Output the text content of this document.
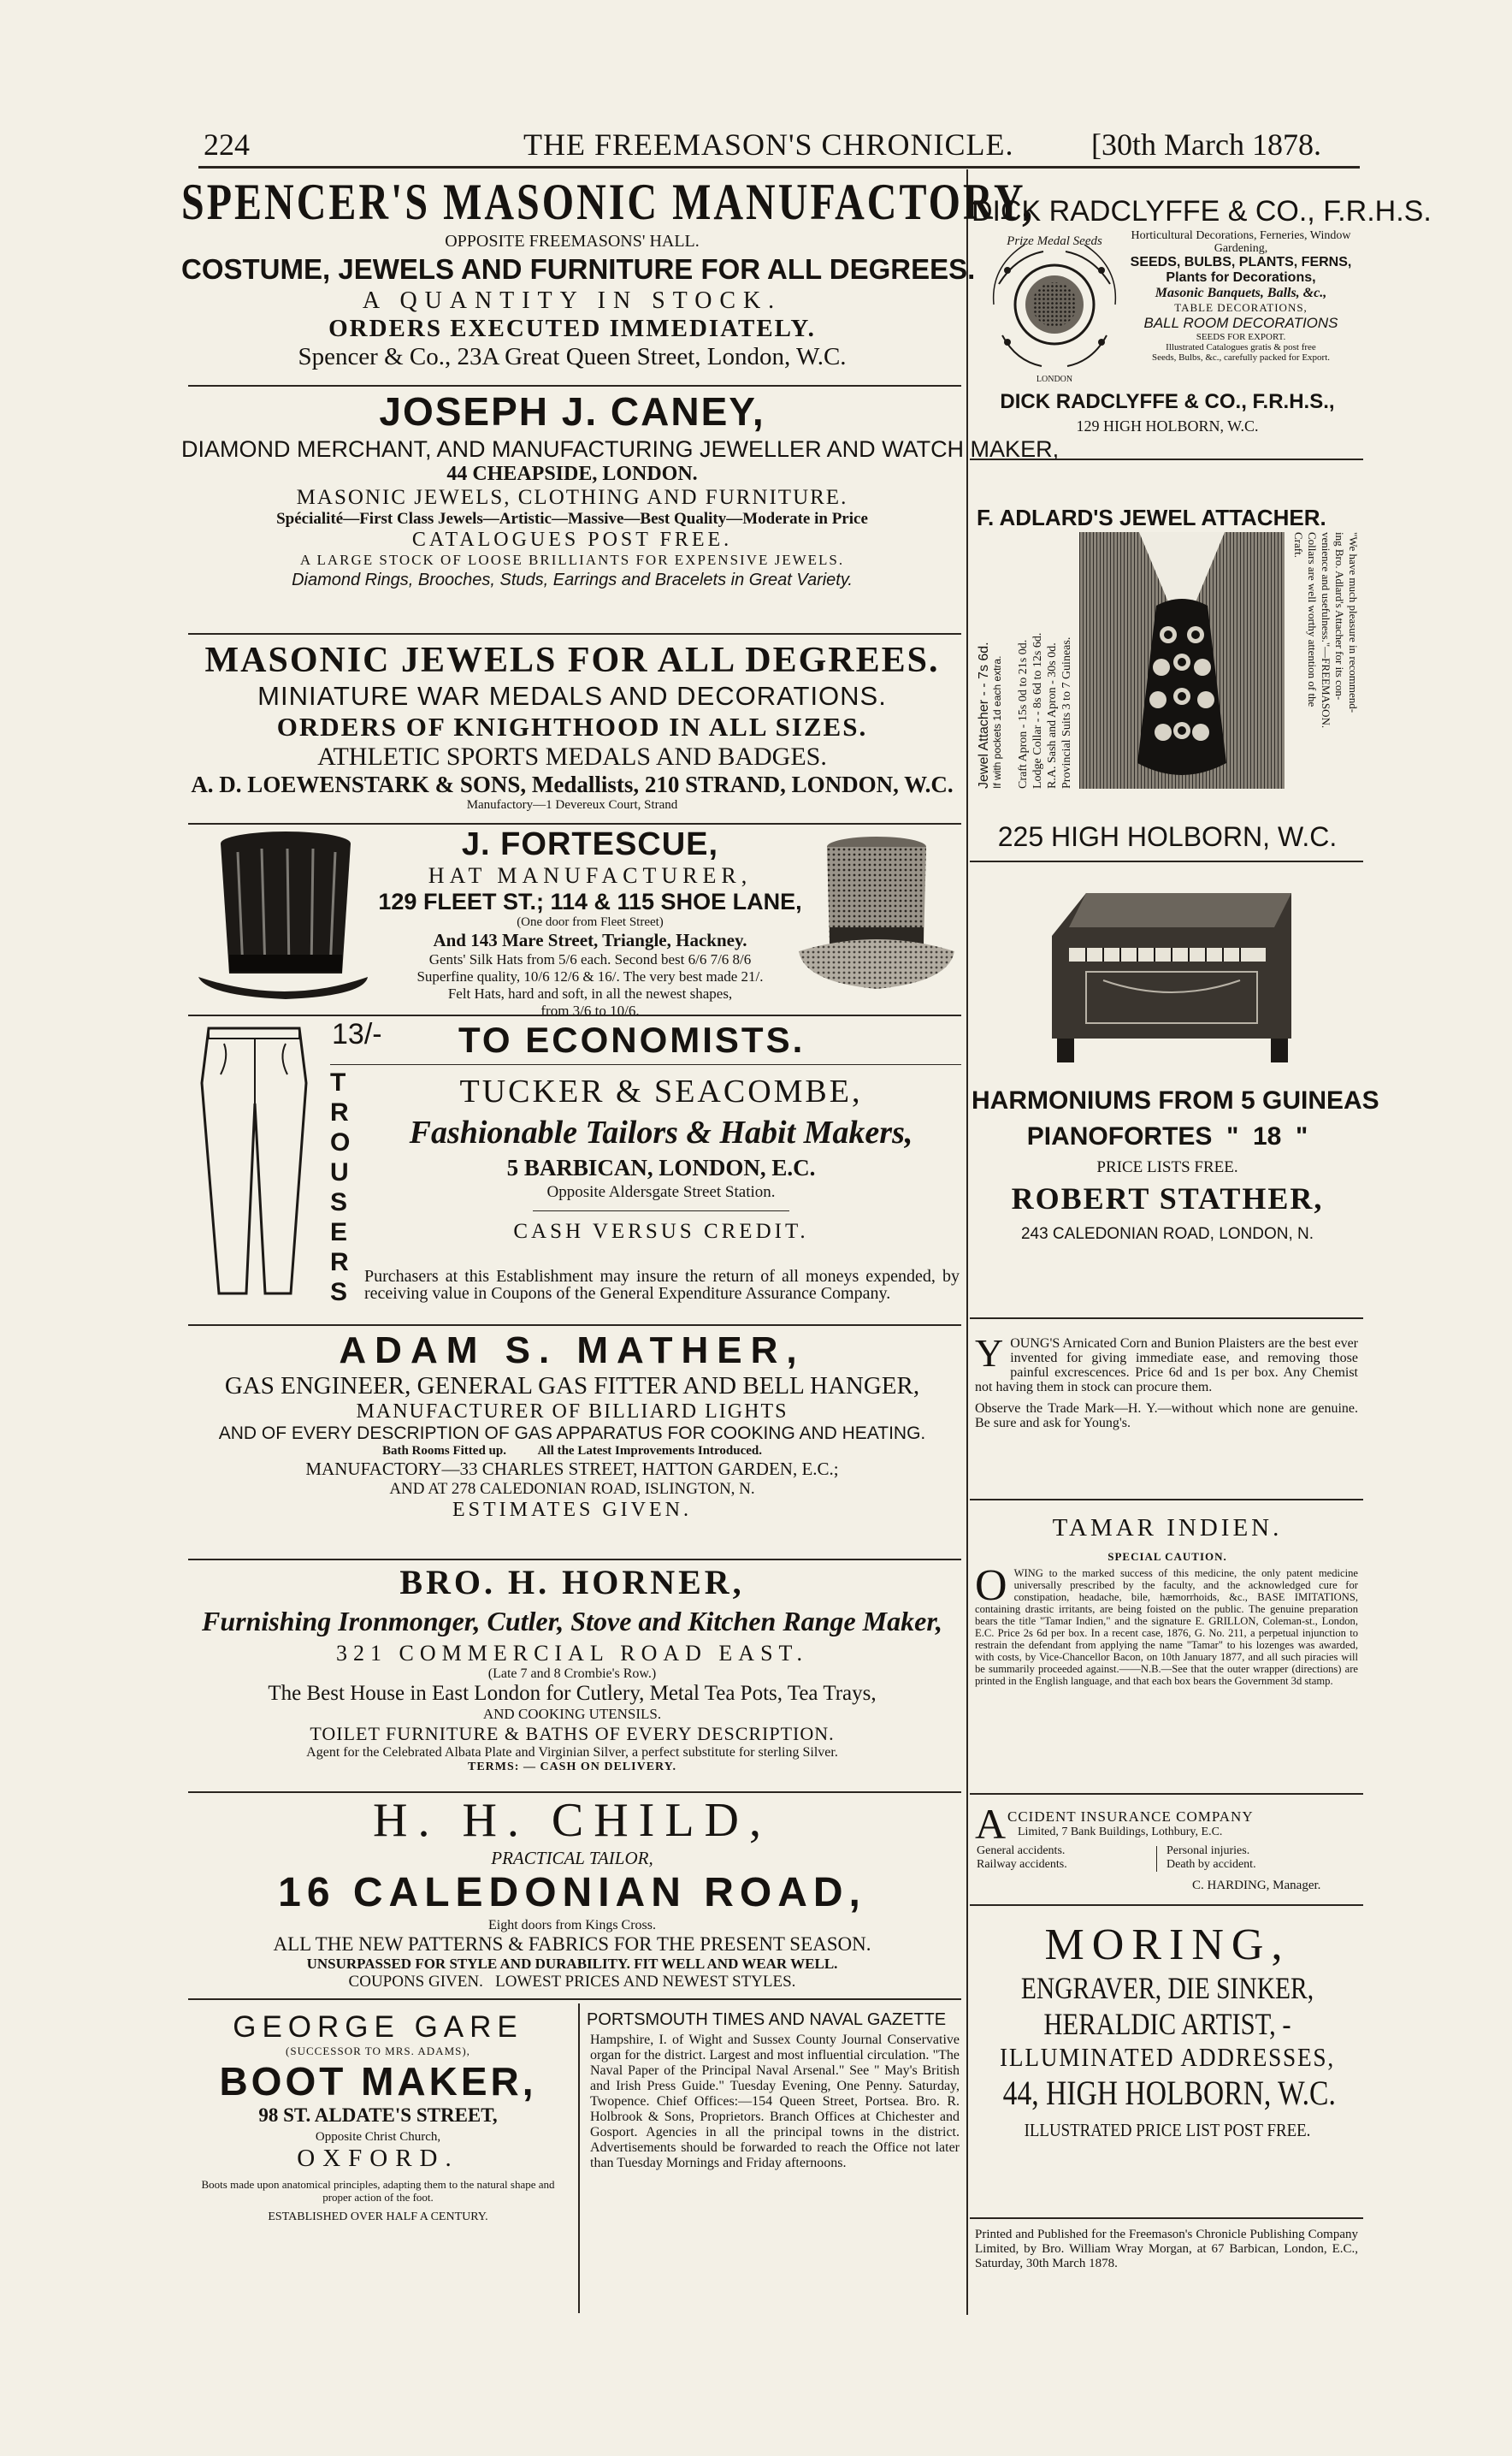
224	THE FREEMASON'S CHRONICLE.	[30th March 1878.
SPENCER'S MASONIC MANUFACTORY,
OPPOSITE FREEMASONS' HALL.
COSTUME, JEWELS AND FURNITURE FOR ALL DEGREES.
A QUANTITY IN STOCK.
ORDERS EXECUTED IMMEDIATELY.
Spencer & Co., 23A Great Queen Street, London, W.C.
JOSEPH J. CANEY,
DIAMOND MERCHANT, AND MANUFACTURING JEWELLER AND WATCH MAKER,
44 CHEAPSIDE, LONDON.
MASONIC JEWELS, CLOTHING AND FURNITURE.
Spécialité—First Class Jewels—Artistic—Massive—Best Quality—Moderate in Price
CATALOGUES POST FREE.
A LARGE STOCK OF LOOSE BRILLIANTS FOR EXPENSIVE JEWELS.
Diamond Rings, Brooches, Studs, Earrings and Bracelets in Great Variety.
MASONIC JEWELS FOR ALL DEGREES.
MINIATURE WAR MEDALS AND DECORATIONS.
ORDERS OF KNIGHTHOOD IN ALL SIZES.
ATHLETIC SPORTS MEDALS AND BADGES.
A. D. LOEWENSTARK & SONS, Medallists, 210 STRAND, LONDON, W.C.
Manufactory—1 Devereux Court, Strand
J. FORTESCUE,
HAT MANUFACTURER,
129 FLEET ST.; 114 & 115 SHOE LANE,
(One door from Fleet Street)
And 143 Mare Street, Triangle, Hackney.
Gents' Silk Hats from 5/6 each. Second best 6/6 7/6 8/6
Superfine quality, 10/6 12/6 & 16/. The very best made 21/.
Felt Hats, hard and soft, in all the newest shapes,
from 3/6 to 10/6.
13/- TO ECONOMISTS.
T
R
O
U
S
E
R
S
TUCKER & SEACOMBE,
Fashionable Tailors & Habit Makers,
5 BARBICAN, LONDON, E.C.
Opposite Aldersgate Street Station.
CASH VERSUS CREDIT.
Purchasers at this Establishment may insure the return of all moneys expended, by receiving value in Coupons of the General Expenditure Assurance Company.
ADAM S. MATHER,
GAS ENGINEER, GENERAL GAS FITTER AND BELL HANGER,
MANUFACTURER OF BILLIARD LIGHTS
AND OF EVERY DESCRIPTION OF GAS APPARATUS FOR COOKING AND HEATING.
Bath Rooms Fitted up.          All the Latest Improvements Introduced.
MANUFACTORY—33 CHARLES STREET, HATTON GARDEN, E.C.;
AND AT 278 CALEDONIAN ROAD, ISLINGTON, N.
ESTIMATES GIVEN.
BRO. H. HORNER,
Furnishing Ironmonger, Cutler, Stove and Kitchen Range Maker,
321 COMMERCIAL ROAD EAST.
(Late 7 and 8 Crombie's Row.)
The Best House in East London for Cutlery, Metal Tea Pots, Tea Trays,
AND COOKING UTENSILS.
TOILET FURNITURE & BATHS OF EVERY DESCRIPTION.
Agent for the Celebrated Albata Plate and Virginian Silver, a perfect substitute for sterling Silver.
TERMS: — CASH ON DELIVERY.
H. H. CHILD,
PRACTICAL TAILOR,
16 CALEDONIAN ROAD,
Eight doors from Kings Cross.
ALL THE NEW PATTERNS & FABRICS FOR THE PRESENT SEASON.
UNSURPASSED FOR STYLE AND DURABILITY. FIT WELL AND WEAR WELL.
COUPONS GIVEN.   LOWEST PRICES AND NEWEST STYLES.
GEORGE GARE
(SUCCESSOR TO MRS. ADAMS),
BOOT MAKER,
98 ST. ALDATE'S STREET,
Opposite Christ Church,
OXFORD.
Boots made upon anatomical principles, adapting them to the natural shape and proper action of the foot.
ESTABLISHED OVER HALF A CENTURY.
PORTSMOUTH TIMES AND NAVAL GAZETTE
Hampshire, I. of Wight and Sussex County Journal Conservative organ for the district. Largest and most influential circulation. "The Naval Paper of the Principal Naval Arsenal." See " May's British and Irish Press Guide." Tuesday Evening, One Penny. Saturday, Twopence. Chief Offices:—154 Queen Street, Portsea. Bro. R. Holbrook & Sons, Proprietors. Branch Offices at Chichester and Gosport. Agencies in all the principal towns in the district. Advertisements should be forwarded to reach the Office not later than Tuesday Mornings and Friday afternoons.
DICK RADCLYFFE & CO., F.R.H.S.
Prize Medal Seeds
LONDON
Horticultural Decorations, Ferneries, Window Gardening,
SEEDS, BULBS, PLANTS, FERNS,
Plants for Decorations,
Masonic Banquets, Balls, &c.,
TABLE DECORATIONS,
BALL ROOM DECORATIONS
SEEDS FOR EXPORT.
Illustrated Catalogues gratis & post free
Seeds, Bulbs, &c., carefully packed for Export.
DICK RADCLYFFE & CO., F.R.H.S.,
129 HIGH HOLBORN, W.C.
F. ADLARD'S JEWEL ATTACHER.
Jewel Attacher - - 7s 6d. If with pockets 1d each extra. Craft Apron - 15s 0d to 21s 0d. Lodge Collar - - 8s 6d to 12s 6d. R.A. Sash and Apron - 30s 0d. Provincial Suits 3 to 7 Guineas.
"We have much pleasure in recommend-
ing Bro. Adlard's Attacher for its con-
venience and usefulness."—FREEMASON.
Collars are well worthy attention of the
Craft.
225 HIGH HOLBORN, W.C.
HARMONIUMS FROM 5 GUINEAS
PIANOFORTES  "  18  "
PRICE LISTS FREE.
ROBERT STATHER,
243 CALEDONIAN ROAD, LONDON, N.
YOUNG'S Arnicated Corn and Bunion Plaisters are the best ever invented for giving immediate ease, and removing those painful excrescences. Price 6d and 1s per box. Any Chemist not having them in stock can procure them.

Observe the Trade Mark—H. Y.—without which none are genuine. Be sure and ask for Young's.

TAMAR INDIEN.
SPECIAL CAUTION.
OWING to the marked success of this medicine, the only patent medicine universally prescribed by the faculty, and the acknowledged cure for constipation, headache, bile, hæmorrhoids, &c., BASE IMITATIONS, containing drastic irritants, are being foisted on the public. The genuine preparation bears the title "Tamar Indien," and the signature E. GRILLON, Coleman-st., London, E.C. Price 2s 6d per box. In a recent case, 1876, G. No. 211, a perpetual injunction to restrain the defendant from applying the name "Tamar" to his lozenges was awarded, with costs, by Vice-Chancellor Bacon, on 10th January 1877, and all such piracies will be summarily proceeded against.——N.B.—See that the outer wrapper (directions) are printed in the English language, and that each box bears the Government 3d stamp.
A CCIDENT INSURANCE COMPANY
Limited, 7 Bank Buildings, Lothbury, E.C.
General accidents.
Railway accidents.
Personal injuries.
Death by accident.
C. HARDING, Manager.
MORING,
ENGRAVER, DIE SINKER,
HERALDIC ARTIST, -
ILLUMINATED ADDRESSES,
44, HIGH HOLBORN, W.C.
ILLUSTRATED PRICE LIST POST FREE.
Printed and Published for the Freemason's Chronicle Publishing Company Limited, by Bro. William Wray Morgan, at 67 Barbican, London, E.C., Saturday, 30th March 1878.
